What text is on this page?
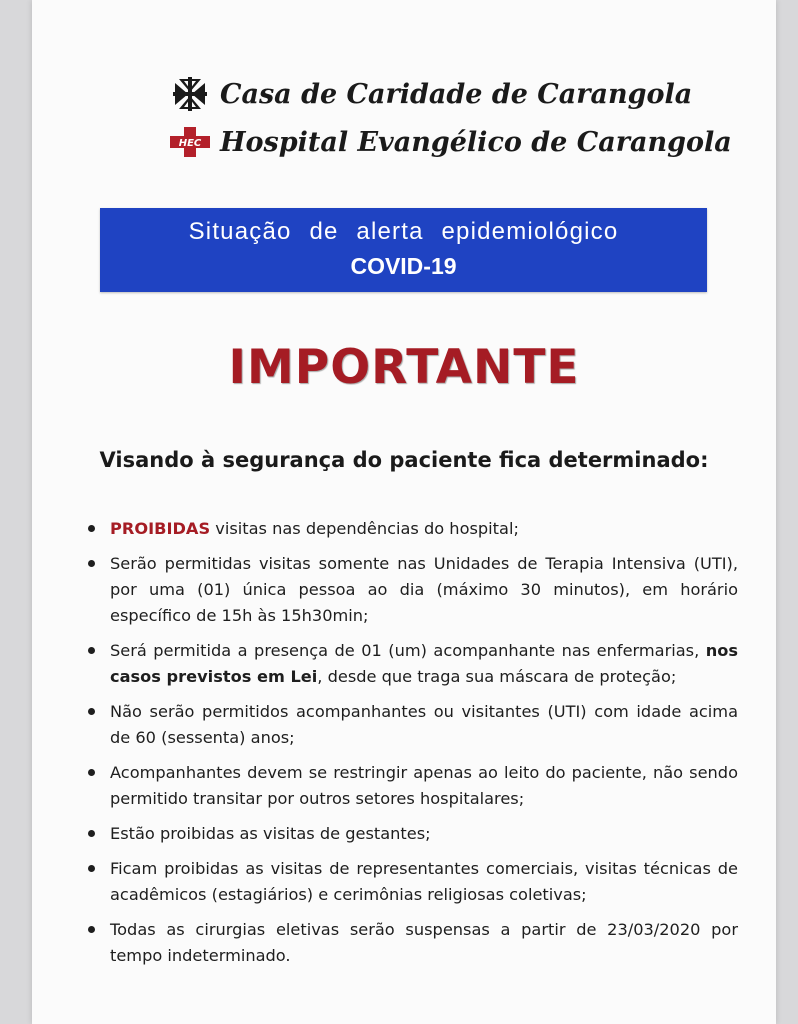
Casa de Caridade de Carangola
HEC Hospital Evangélico de Carangola
Situação de alerta epidemiológico
COVID-19
IMPORTANTE
Visando à segurança do paciente fica determinado:
PROIBIDAS visitas nas dependências do hospital;
Serão permitidas visitas somente nas Unidades de Terapia Intensiva (UTI), por uma (01) única pessoa ao dia (máximo 30 minutos), em horário específico de 15h às 15h30min;
Será permitida a presença de 01 (um) acompanhante nas enfermarias, nos casos previstos em Lei, desde que traga sua máscara de proteção;
Não serão permitidos acompanhantes ou visitantes (UTI) com idade acima de 60 (sessenta) anos;
Acompanhantes devem se restringir apenas ao leito do paciente, não sendo permitido transitar por outros setores hospitalares;
Estão proibidas as visitas de gestantes;
Ficam proibidas as visitas de representantes comerciais, visitas técnicas de acadêmicos (estagiários) e cerimônias religiosas coletivas;
Todas as cirurgias eletivas serão suspensas a partir de 23/03/2020 por tempo indeterminado.
